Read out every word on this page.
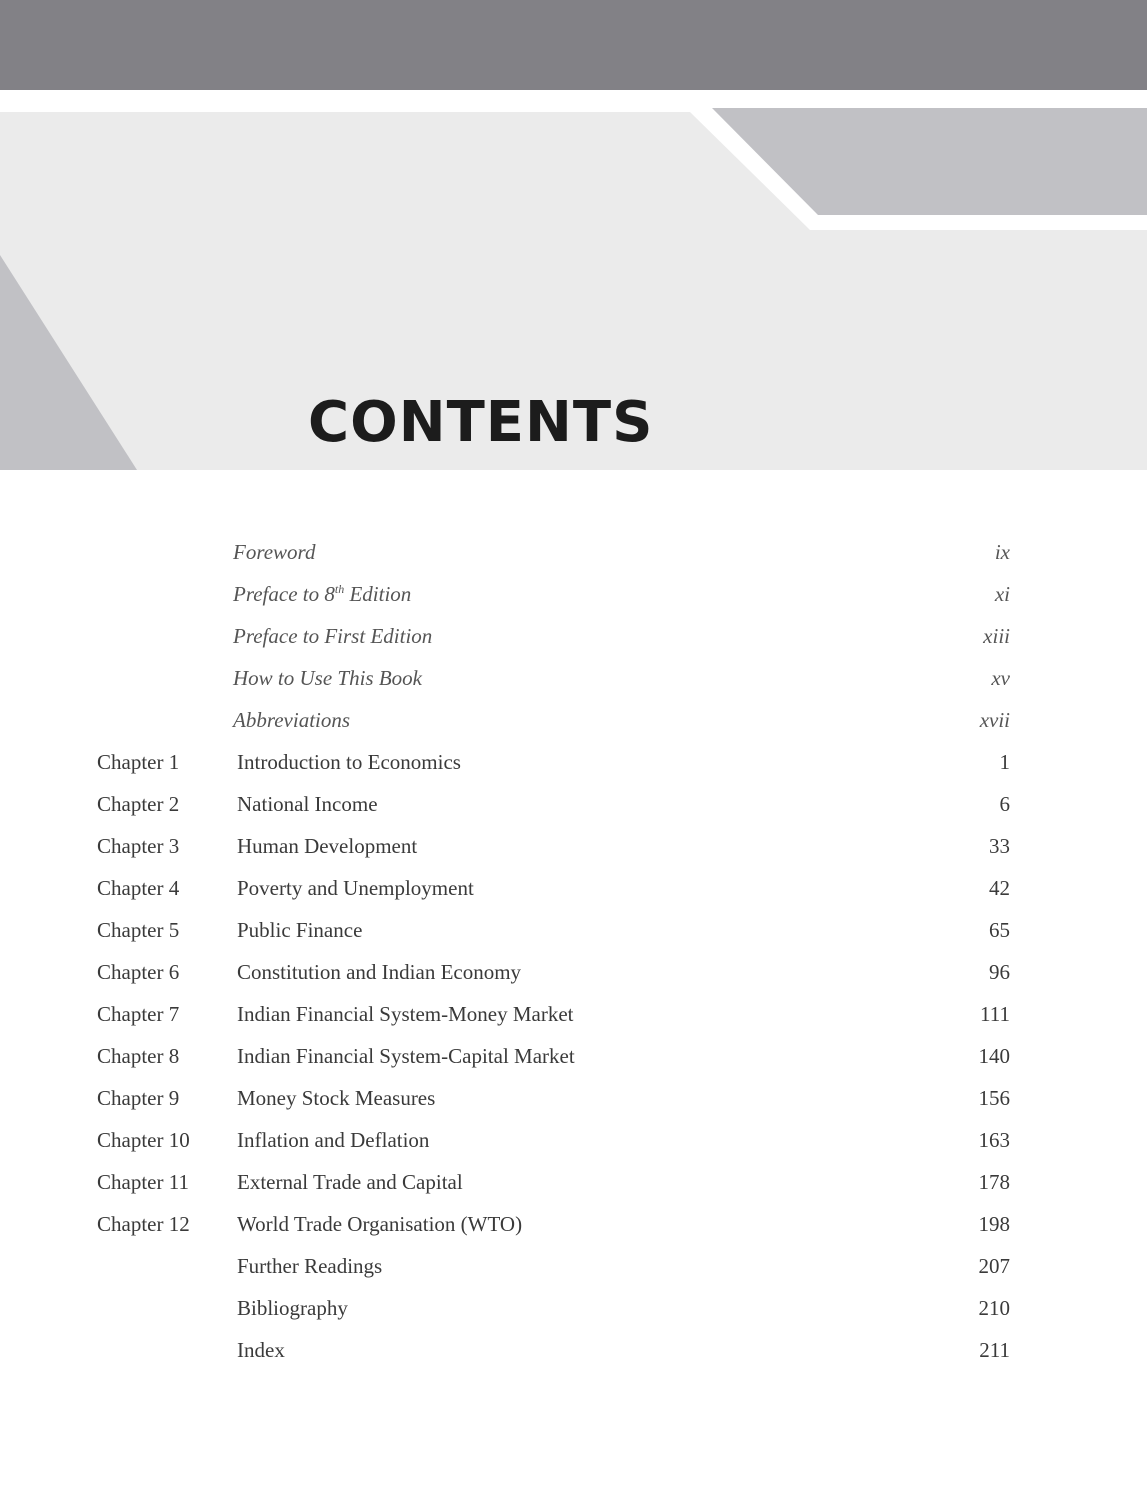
CONTENTS
Foreword	ix
Preface to 8th Edition	xi
Preface to First Edition	xiii
How to Use This Book	xv
Abbreviations	xvii
Chapter 1	Introduction to Economics	1
Chapter 2	National Income	6
Chapter 3	Human Development	33
Chapter 4	Poverty and Unemployment	42
Chapter 5	Public Finance	65
Chapter 6	Constitution and Indian Economy	96
Chapter 7	Indian Financial System-Money Market	111
Chapter 8	Indian Financial System-Capital Market	140
Chapter 9	Money Stock Measures	156
Chapter 10 Inflation and Deflation	163
Chapter 11 External Trade and Capital	178
Chapter 12 World Trade Organisation (WTO)	198
Further Readings	207
Bibliography	210
Index	211
